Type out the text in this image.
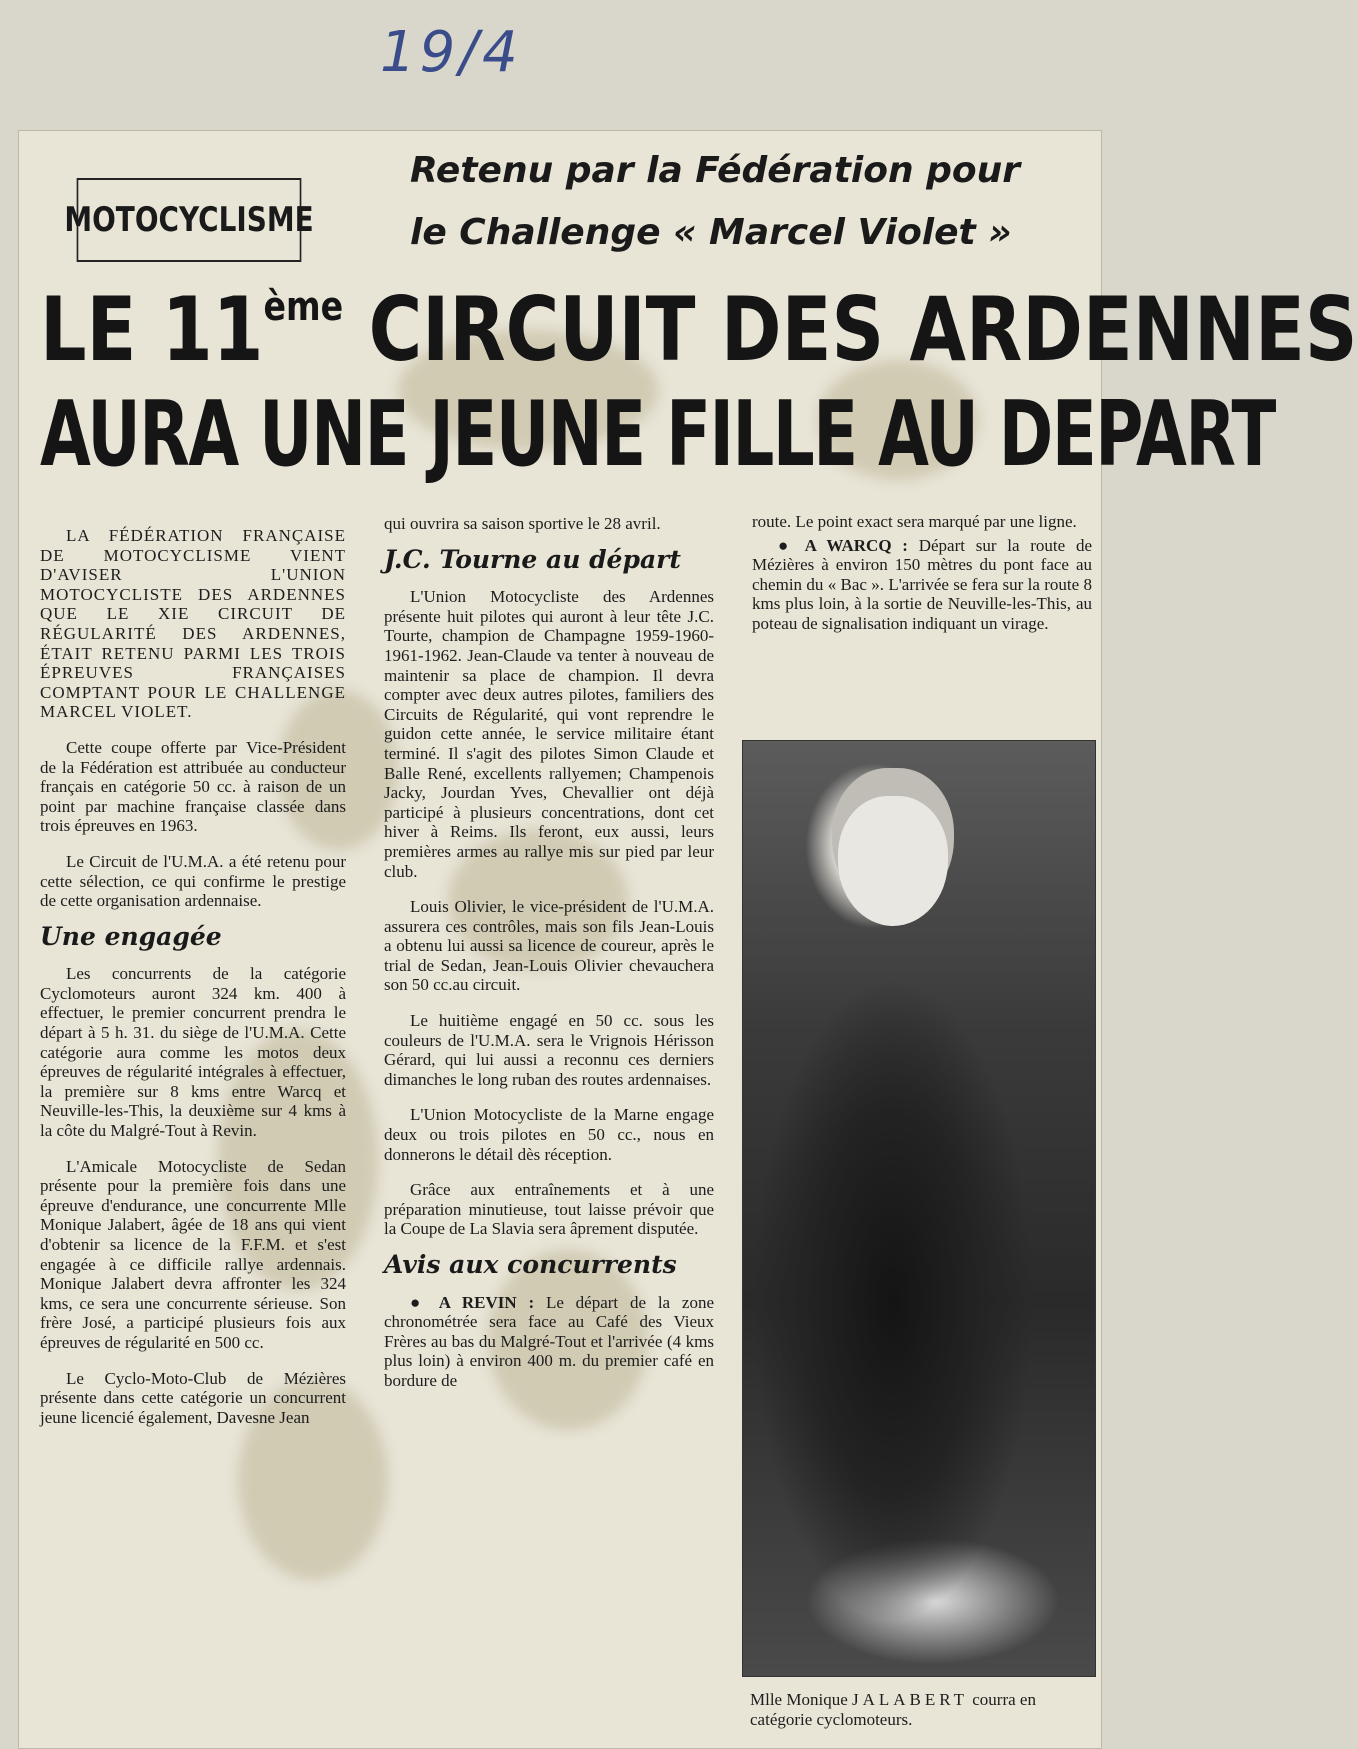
19/4
MOTOCYCLISME
Retenu par la Fédération pour
le Challenge « Marcel Violet »
LE 11ème CIRCUIT DES ARDENNES
AURA UNE JEUNE FILLE AU DEPART

LA FÉDÉRATION FRANÇAISE DE MOTOCYCLISME VIENT D'AVISER L'UNION MOTOCYCLISTE DES ARDENNES QUE LE XIE CIRCUIT DE RÉGULARITÉ DES ARDENNES, ÉTAIT RETENU PARMI LES TROIS ÉPREUVES FRANÇAISES COMPTANT POUR LE CHALLENGE MARCEL VIOLET.

Cette coupe offerte par Vice-Président de la Fédération est attribuée au conducteur français en catégorie 50 cc. à raison de un point par machine française classée dans trois épreuves en 1963.

Le Circuit de l'U.M.A. a été retenu pour cette sélection, ce qui confirme le prestige de cette organisation ardennaise.

Une engagée

Les concurrents de la catégorie Cyclomoteurs auront 324 km. 400 à effectuer, le premier concurrent prendra le départ à 5 h. 31. du siège de l'U.M.A. Cette catégorie aura comme les motos deux épreuves de régularité intégrales à effectuer, la première sur 8 kms entre Warcq et Neuville-les-This, la deuxième sur 4 kms à la côte du Malgré-Tout à Revin.

L'Amicale Motocycliste de Sedan présente pour la première fois dans une épreuve d'endurance, une concurrente Mlle Monique Jalabert, âgée de 18 ans qui vient d'obtenir sa licence de la F.F.M. et s'est engagée à ce difficile rallye ardennais. Monique Jalabert devra affronter les 324 kms, ce sera une concurrente sérieuse. Son frère José, a participé plusieurs fois aux épreuves de régularité en 500 cc.

Le Cyclo-Moto-Club de Mézières présente dans cette catégorie un concurrent jeune licencié également, Davesne Jean

qui ouvrira sa saison sportive le 28 avril.

J.C. Tourne au départ

L'Union Motocycliste des Ardennes présente huit pilotes qui auront à leur tête J.C. Tourte, champion de Champagne 1959-1960-1961-1962. Jean-Claude va tenter à nouveau de maintenir sa place de champion. Il devra compter avec deux autres pilotes, familiers des Circuits de Régularité, qui vont reprendre le guidon cette année, le service militaire étant terminé. Il s'agit des pilotes Simon Claude et Balle René, excellents rallyemen; Champenois Jacky, Jourdan Yves, Chevallier ont déjà participé à plusieurs concentrations, dont cet hiver à Reims. Ils feront, eux aussi, leurs premières armes au rallye mis sur pied par leur club.

Louis Olivier, le vice-président de l'U.M.A. assurera ces contrôles, mais son fils Jean-Louis a obtenu lui aussi sa licence de coureur, après le trial de Sedan, Jean-Louis Olivier chevauchera son 50 cc.au circuit.

Le huitième engagé en 50 cc. sous les couleurs de l'U.M.A. sera le Vrignois Hérisson Gérard, qui lui aussi a reconnu ces derniers dimanches le long ruban des routes ardennaises.

L'Union Motocycliste de la Marne engage deux ou trois pilotes en 50 cc., nous en donnerons le détail dès réception.

Grâce aux entraînements et à une préparation minutieuse, tout laisse prévoir que la Coupe de La Slavia sera âprement disputée.

Avis aux concurrents

● A REVIN : Le départ de la zone chronométrée sera face au Café des Vieux Frères au bas du Malgré-Tout et l'arrivée (4 kms plus loin) à environ 400 m. du premier café en bordure de

route. Le point exact sera marqué par une ligne.

● A WARCQ : Départ sur la route de Mézières à environ 150 mètres du pont face au chemin du « Bac ». L'arrivée se fera sur la route 8 kms plus loin, à la sortie de Neuville-les-This, au poteau de signalisation indiquant un virage.

Mlle Monique JALABERT courra en catégorie cyclomoteurs.
